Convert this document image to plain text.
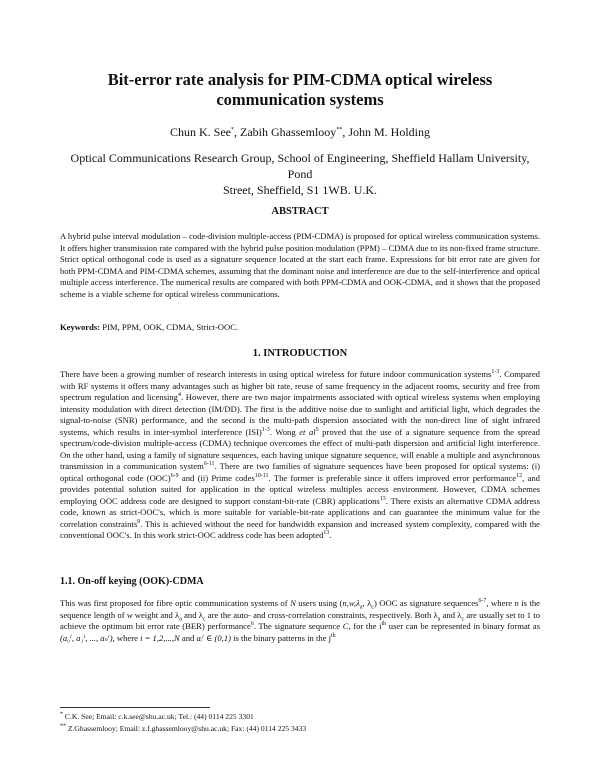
Bit-error rate analysis for PIM-CDMA optical wireless
communication systems
Chun K. See*, Zabih Ghassemlooy**, John M. Holding
Optical Communications Research Group, School of Engineering, Sheffield Hallam University, Pond
Street, Sheffield, S1 1WB. U.K.
ABSTRACT
A hybrid pulse interval modulation – code-division multiple-access (PIM-CDMA) is proposed for optical wireless communication systems. It offers higher transmission rate compared with the hybrid pulse position modulation (PPM) – CDMA due to its non-fixed frame structure. Strict optical orthogonal code is used as a signature sequence located at the start each frame. Expressions for bit error rate are given for both PPM-CDMA and PIM-CDMA schemes, assuming that the dominant noise and interference are due to the self-interference and optical multiple access interference. The numerical results are compared with both PPM-CDMA and OOK-CDMA, and it shows that the proposed scheme is a viable scheme for optical wireless communications.
Keywords: PIM, PPM, OOK, CDMA, Strict-OOC.
1. INTRODUCTION
There have been a growing number of research interests in using optical wireless for future indoor communication systems$^{1-3}$. Compared with RF systems it offers many advantages such as higher bit rate, reuse of same frequency in the adjacent rooms, security and free from spectrum regulation and licensing$^4$. However, there are two major impairments associated with optical wireless systems when employing intensity modulation with direct detection (IM/DD). The first is the additive noise due to sunlight and artificial light, which degrades the signal-to-noise (SNR) performance, and the second is the multi-path dispersion associated with the non-direct line of sight infrared systems, which results in inter-symbol interference (ISI)$^{1-3}$. Wong et $al^5$ proved that the use of a signature sequence from the spread spectrum/code-division multiple-access (CDMA) technique overcomes the effect of multi-path dispersion and artificial light interference. On the other hand, using a family of signature sequences, each having unique signature sequence, will enable a multiple and asynchronous transmission in a communication system$^{6-11}$. There are two families of signature sequences have been proposed for optical systems: (i) optical orthogonal code (OOC)$^{6-9}$ and (ii) Prime codes$^{10-11}$. The former is preferable since it offers improved error performance$^{12}$, and provides potential solution suited for application in the optical wireless multiples access environment. However, CDMA schemes employing OOC address code are designed to support constant-bit-rate (CBR) applications$^{13}$. There exists an alternative CDMA address code, known as strict-OOC's, which is more suitable for variable-bit-rate applications and can guarantee the minimum value for the correlation constraints$^9$. This is achieved without the need for bandwidth expansion and increased system complexity, compared with the conventional OOC's. In this work strict-OOC address code has been adopted$^{13}$.
1.1. On-off keying (OOK)-CDMA
This was first proposed for fibre optic communication systems of N users using ($n,w,\lambda_a$, $\lambda_c$) OOC as signature sequences$^{6-7}$, where n is the sequence length of w weight and $\lambda_a$ and $\lambda_c$ are the auto- and cross-correlation constraints, respectively. Both $\lambda_a$ and $\lambda_c$ are usually set to 1 to achieve the optimum bit error rate (BER) performance$^6$. The signature sequence C, for the $i^{th}$ user can be represented in binary format as (a₀ⁱ, a₁ⁱ, ..., aₙⁱ), where i = 1,2,...,N and aᵢⁱ ∈ (0,1) is the binary patterns in the $j^{th}$
* C.K. See; Email: c.k.see@shu.ac.uk; Tel.: (44) 0114 225 3301
** Z.Ghassemlooy; Email: z.f.ghassemlooy@shu.ac.uk; Fax: (44) 0114 225 3433
